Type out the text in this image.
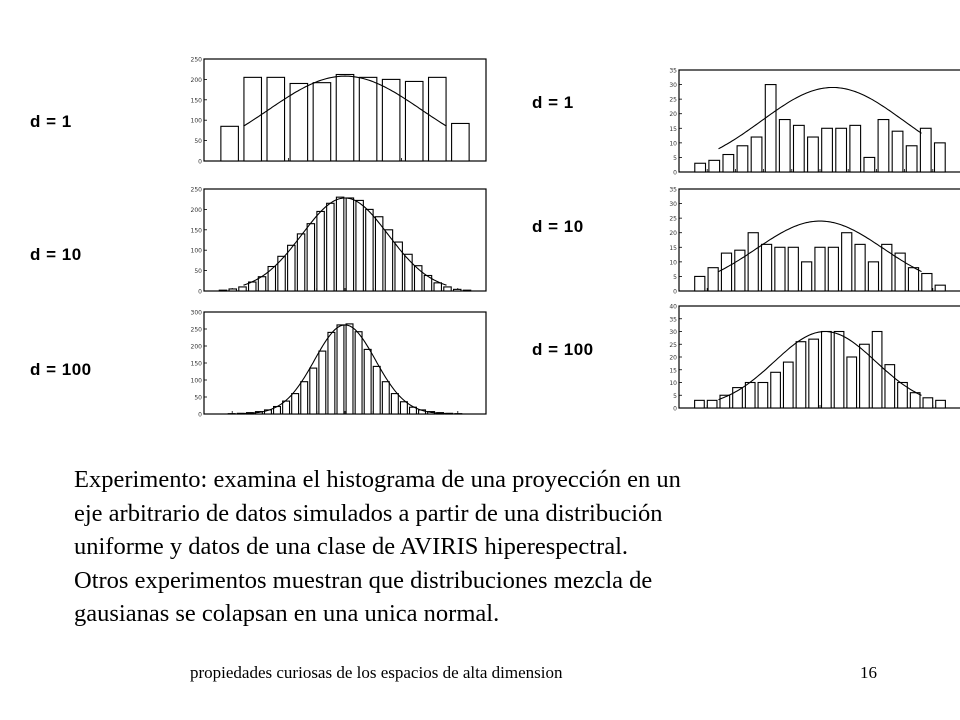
d = 1
d = 10
d = 100
d = 1
d = 10
d = 100
0
50
100
150
200
250
0
50
100
150
200
250
0
50
100
150
200
250
300
0
5
10
15
20
25
30
35
0
5
10
15
20
25
30
35
0
5
10
15
20
25
30
35
40
Experimento: examina el histograma de una proyección en un
eje arbitrario de datos simulados a partir de una distribución
uniforme y datos de una clase de AVIRIS hiperespectral.
Otros experimentos muestran que distribuciones mezcla de
gausianas se colapsan en una unica normal.
propiedades curiosas de los espacios de alta dimension	16
